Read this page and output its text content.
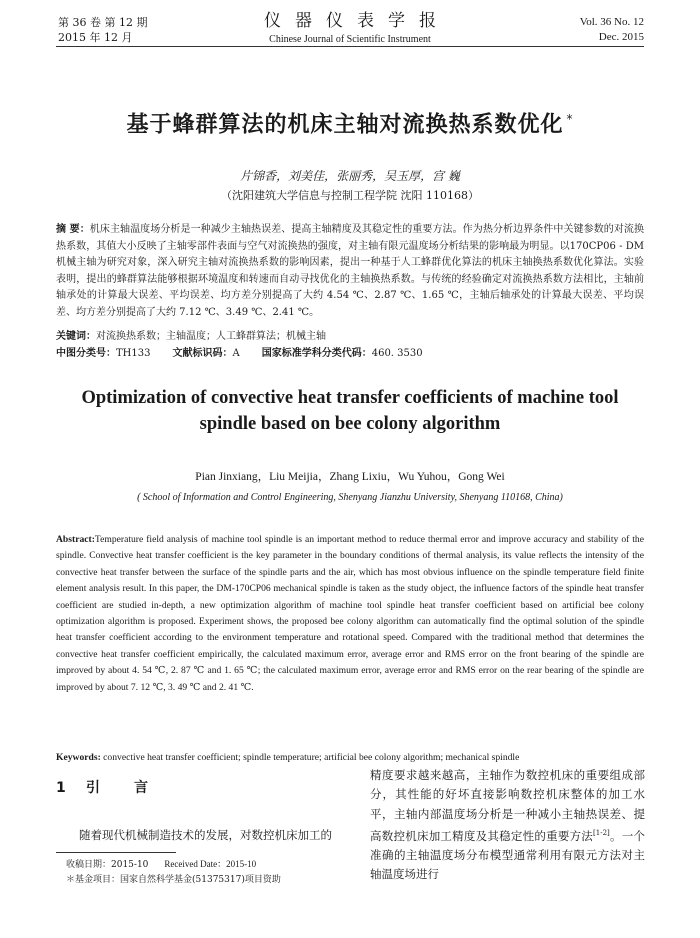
第 36 卷 第 12 期
2015 年 12 月
仪器仪表学报
Chinese Journal of Scientific Instrument
Vol. 36 No. 12
Dec. 2015
基于蜂群算法的机床主轴对流换热系数优化 *
片锦香，刘美佳，张丽秀，吴玉厚，宫 巍
（沈阳建筑大学信息与控制工程学院 沈阳 110168）
摘 要：机床主轴温度场分析是一种减少主轴热误差、提高主轴精度及其稳定性的重要方法。作为热分析边界条件中关键参数的对流换热系数，其值大小反映了主轴零部件表面与空气对流换热的强度，对主轴有限元温度场分析结果的影响最为明显。以170CP06 - DM 机械主轴为研究对象，深入研究主轴对流换热系数的影响因素，提出一种基于人工蜂群优化算法的机床主轴换热系数优化算法。实验表明，提出的蜂群算法能够根据环境温度和转速而自动寻找优化的主轴换热系数。与传统的经验确定对流换热系数方法相比，主轴前轴承处的计算最大误差、平均误差、均方差分别提高了大约 4.54 ℃、2.87 ℃、1.65 ℃，主轴后轴承处的计算最大误差、平均误差、均方差分别提高了大约 7.12 ℃、3.49 ℃、2.41 ℃。
关键词：对流换热系数；主轴温度；人工蜂群算法；机械主轴
中图分类号：TH133 文献标识码：A 国家标准学科分类代码：460. 3530
Optimization of convective heat transfer coefficients of machine tool spindle based on bee colony algorithm
Pian Jinxiang，Liu Meijia，Zhang Lixiu，Wu Yuhou，Gong Wei
( School of Information and Control Engineering, Shenyang Jianzhu University, Shenyang 110168, China)
Abstract:Temperature field analysis of machine tool spindle is an important method to reduce thermal error and improve accuracy and stability of the spindle. Convective heat transfer coefficient is the key parameter in the boundary conditions of thermal analysis, its value reflects the intensity of the convective heat transfer between the surface of the spindle parts and the air, which has most obvious influence on the spindle temperature field finite element analysis result. In this paper, the DM-170CP06 mechanical spindle is taken as the study object, the influence factors of the spindle heat transfer coefficient are studied in-depth, a new optimization algorithm of machine tool spindle heat transfer coefficient based on artificial bee colony optimization algorithm is proposed. Experiment shows, the proposed bee colony algorithm can automatically find the optimal solution of the spindle heat transfer coefficient according to the environment temperature and rotational speed. Compared with the traditional method that determines the convective heat transfer coefficient empirically, the calculated maximum error, average error and RMS error on the front bearing of the spindle are improved by about 4. 54 ℃, 2. 87 ℃ and 1. 65 ℃; the calculated maximum error, average error and RMS error on the rear bearing of the spindle are improved by about 7. 12 ℃, 3. 49 ℃ and 2. 41 ℃.
Keywords: convective heat transfer coefficient; spindle temperature; artificial bee colony algorithm; mechanical spindle
1 引言
随着现代机械制造技术的发展，对数控机床加工的
精度要求越来越高，主轴作为数控机床的重要组成部分，其性能的好坏直接影响数控机床整体的加工水平，主轴内部温度场分析是一种减小主轴热误差、提高数控机床加工精度及其稳定性的重要方法[1-2]。一个准确的主轴温度场分布模型通常利用有限元方法对主轴温度场进行
收稿日期：2015-10 Received Date：2015-10
＊基金项目：国家自然科学基金(51375317)项目资助
